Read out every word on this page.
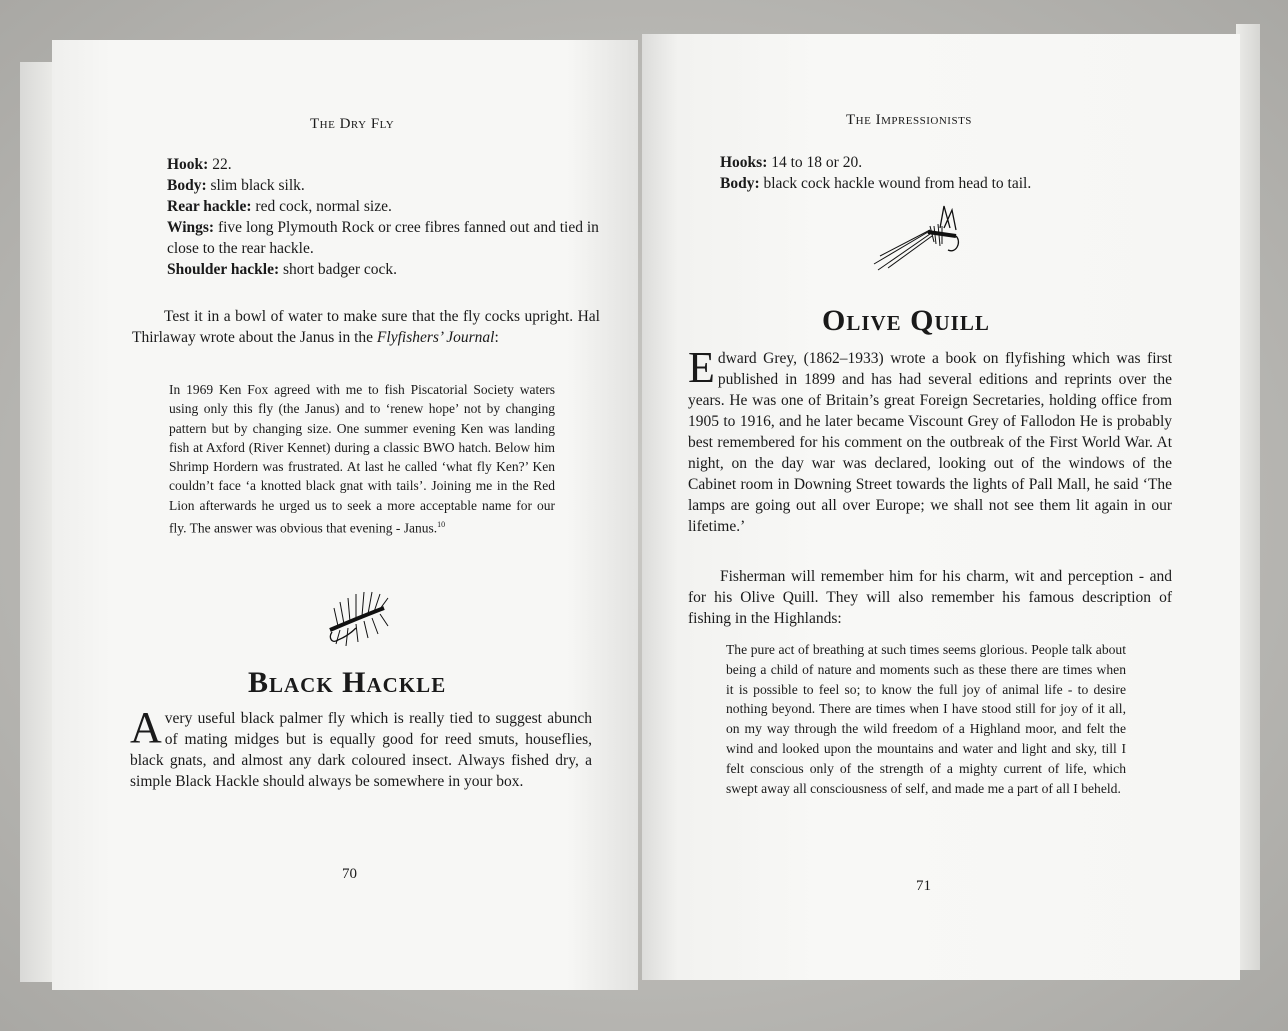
The Dry Fly
Hook: 22.
Body: slim black silk.
Rear hackle: red cock, normal size.
Wings: five long Plymouth Rock or cree fibres fanned out and tied in close to the rear hackle.
Shoulder hackle: short badger cock.
Test it in a bowl of water to make sure that the fly cocks upright. Hal Thirlaway wrote about the Janus in the Flyfishers’ Journal:
In 1969 Ken Fox agreed with me to fish Piscatorial Society waters using only this fly (the Janus) and to ‘renew hope’ not by changing pattern but by changing size. One summer evening Ken was landing fish at Axford (River Kennet) during a classic BWO hatch. Below him Shrimp Hordern was frustrated. At last he called ‘what fly Ken?’ Ken couldn’t face ‘a knotted black gnat with tails’. Joining me in the Red Lion afterwards he urged us to seek a more acceptable name for our fly. The answer was obvious that evening - Janus.$^{10}$
Black Hackle
Avery useful black palmer fly which is really tied to suggest abunch of mating midges but is equally good for reed smuts, houseflies, black gnats, and almost any dark coloured insect. Always fished dry, a simple Black Hackle should always be somewhere in your box.
70
The Impressionists
Hooks: 14 to 18 or 20.
Body: black cock hackle wound from head to tail.
Olive Quill
Edward Grey, (1862–1933) wrote a book on flyfishing which was first published in 1899 and has had several editions and reprints over the years. He was one of Britain’s great Foreign Secretaries, holding office from 1905 to 1916, and he later became Viscount Grey of Fallodon He is probably best remembered for his comment on the outbreak of the First World War. At night, on the day war was declared, looking out of the windows of the Cabinet room in Downing Street towards the lights of Pall Mall, he said ‘The lamps are going out all over Europe; we shall not see them lit again in our lifetime.’
Fisherman will remember him for his charm, wit and perception - and for his Olive Quill. They will also remember his famous description of fishing in the Highlands:
The pure act of breathing at such times seems glorious. People talk about being a child of nature and moments such as these there are times when it is possible to feel so; to know the full joy of animal life - to desire nothing beyond. There are times when I have stood still for joy of it all, on my way through the wild freedom of a Highland moor, and felt the wind and looked upon the mountains and water and light and sky, till I felt conscious only of the strength of a mighty current of life, which swept away all consciousness of self, and made me a part of all I beheld.
71
